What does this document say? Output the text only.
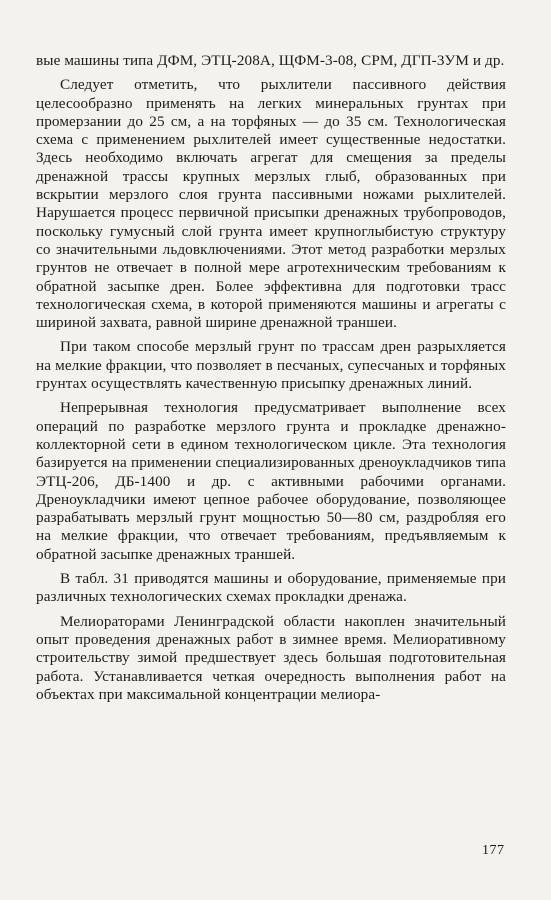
вые машины типа ДФМ, ЭТЦ-208А, ЩФМ-3-08, СРМ, ДГП-3УМ и др.

Следует отметить, что рыхлители пассивного действия целесообразно применять на легких минеральных грунтах при промерзании до 25 см, а на торфяных — до 35 см. Технологическая схема с применением рыхлителей имеет существенные недостатки. Здесь необходимо включать агрегат для смещения за пределы дренажной трассы крупных мерзлых глыб, образованных при вскрытии мерзлого слоя грунта пассивными ножами рыхлителей. Нарушается процесс первичной присыпки дренажных трубопроводов, поскольку гумусный слой грунта имеет крупноглыбистую структуру со значительными льдовключениями. Этот метод разработки мерзлых грунтов не отвечает в полной мере агротехническим требованиям к обратной засыпке дрен. Более эффективна для подготовки трасс технологическая схема, в которой применяются машины и агрегаты с шириной захвата, равной ширине дренажной траншеи.

При таком способе мерзлый грунт по трассам дрен разрыхляется на мелкие фракции, что позволяет в песчаных, супесчаных и торфяных грунтах осуществлять качественную присыпку дренажных линий.

Непрерывная технология предусматривает выполнение всех операций по разработке мерзлого грунта и прокладке дренажно-коллекторной сети в едином технологическом цикле. Эта технология базируется на применении специализированных дреноукладчиков типа ЭТЦ-206, ДБ-1400 и др. с активными рабочими органами. Дреноукладчики имеют цепное рабочее оборудование, позволяющее разрабатывать мерзлый грунт мощностью 50—80 см, раздробляя его на мелкие фракции, что отвечает требованиям, предъявляемым к обратной засыпке дренажных траншей.

В табл. 31 приводятся машины и оборудование, применяемые при различных технологических схемах прокладки дренажа.

Мелиораторами Ленинградской области накоплен значительный опыт проведения дренажных работ в зимнее время. Мелиоративному строительству зимой предшествует здесь большая подготовительная работа. Устанавливается четкая очередность выполнения работ на объектах при максимальной концентрации мелиора-

177
